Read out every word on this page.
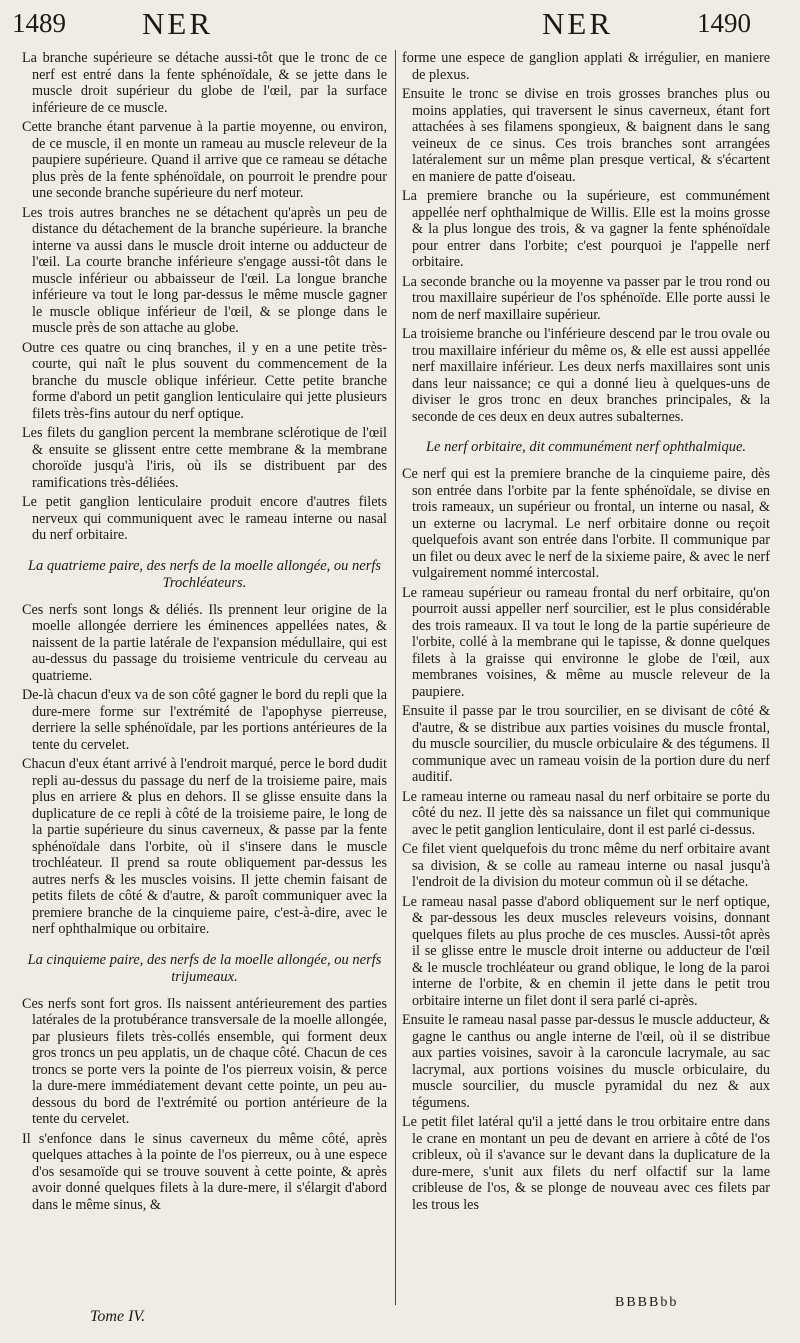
1489 NER	NER	1490

La branche supérieure se détache aussi-tôt que le tronc de ce nerf est entré dans la fente sphénoïdale, & se jette dans le muscle droit supérieur du globe de l'œil, par la surface inférieure de ce muscle.

Cette branche étant parvenue à la partie moyenne, ou environ, de ce muscle, il en monte un rameau au muscle releveur de la paupiere supérieure. Quand il arrive que ce rameau se détache plus près de la fente sphénoïdale, on pourroit le prendre pour une seconde branche supérieure du nerf moteur.

Les trois autres branches ne se détachent qu'après un peu de distance du détachement de la branche supérieure. la branche interne va aussi dans le muscle droit interne ou adducteur de l'œil. La courte branche inférieure s'engage aussi-tôt dans le muscle inférieur ou abbaisseur de l'œil. La longue branche inférieure va tout le long par-dessus le même muscle gagner le muscle oblique inférieur de l'œil, & se plonge dans le muscle près de son attache au globe.

Outre ces quatre ou cinq branches, il y en a une petite très-courte, qui naît le plus souvent du commencement de la branche du muscle oblique inférieur. Cette petite branche forme d'abord un petit ganglion lenticulaire qui jette plusieurs filets très-fins autour du nerf optique.

Les filets du ganglion percent la membrane sclérotique de l'œil & ensuite se glissent entre cette membrane & la membrane choroïde jusqu'à l'iris, où ils se distribuent par des ramifications très-déliées.

Le petit ganglion lenticulaire produit encore d'autres filets nerveux qui communiquent avec le rameau interne ou nasal du nerf orbitaire.

La quatrieme paire, des nerfs de la moelle allongée, ou nerfs Trochléateurs.

Ces nerfs sont longs & déliés. Ils prennent leur origine de la moelle allongée derriere les éminences appellées nates, & naissent de la partie latérale de l'expansion médullaire, qui est au-dessus du passage du troisieme ventricule du cerveau au quatrieme.

De-là chacun d'eux va de son côté gagner le bord du repli que la dure-mere forme sur l'extrémité de l'apophyse pierreuse, derriere la selle sphénoïdale, par les portions antérieures de la tente du cervelet.

Chacun d'eux étant arrivé à l'endroit marqué, perce le bord dudit repli au-dessus du passage du nerf de la troisieme paire, mais plus en arriere & plus en dehors. Il se glisse ensuite dans la duplicature de ce repli à côté de la troisieme paire, le long de la partie supérieure du sinus caverneux, & passe par la fente sphénoïdale dans l'orbite, où il s'insere dans le muscle trochléateur. Il prend sa route obliquement par-dessus les autres nerfs & les muscles voisins. Il jette chemin faisant de petits filets de côté & d'autre, & paroît communiquer avec la premiere branche de la cinquieme paire, c'est-à-dire, avec le nerf ophthalmique ou orbitaire.

La cinquieme paire, des nerfs de la moelle allongée, ou nerfs trijumeaux.

Ces nerfs sont fort gros. Ils naissent antérieurement des parties latérales de la protubérance transversale de la moelle allongée, par plusieurs filets très-collés ensemble, qui forment deux gros troncs un peu applatis, un de chaque côté. Chacun de ces troncs se porte vers la pointe de l'os pierreux voisin, & perce la dure-mere immédiatement devant cette pointe, un peu au-dessous du bord de l'extrémité ou portion antérieure de la tente du cervelet.

Il s'enfonce dans le sinus caverneux du même côté, après quelques attaches à la pointe de l'os pierreux, ou à une espece d'os sesamoïde qui se trouve souvent à cette pointe, & après avoir donné quelques filets à la dure-mere, il s'élargit d'abord dans le même sinus, &

forme une espece de ganglion applati & irrégulier, en maniere de plexus.

Ensuite le tronc se divise en trois grosses branches plus ou moins applaties, qui traversent le sinus caverneux, étant fort attachées à ses filamens spongieux, & baignent dans le sang veineux de ce sinus. Ces trois branches sont arrangées latéralement sur un même plan presque vertical, & s'écartent en maniere de patte d'oiseau.

La premiere branche ou la supérieure, est communément appellée nerf ophthalmique de Willis. Elle est la moins grosse & la plus longue des trois, & va gagner la fente sphénoïdale pour entrer dans l'orbite; c'est pourquoi je l'appelle nerf orbitaire.

La seconde branche ou la moyenne va passer par le trou rond ou trou maxillaire supérieur de l'os sphénoïde. Elle porte aussi le nom de nerf maxillaire supérieur.

La troisieme branche ou l'inférieure descend par le trou ovale ou trou maxillaire inférieur du même os, & elle est aussi appellée nerf maxillaire inférieur. Les deux nerfs maxillaires sont unis dans leur naissance; ce qui a donné lieu à quelques-uns de diviser le gros tronc en deux branches principales, & la seconde de ces deux en deux autres subalternes.

Le nerf orbitaire, dit communément nerf ophthalmique.

Ce nerf qui est la premiere branche de la cinquieme paire, dès son entrée dans l'orbite par la fente sphénoïdale, se divise en trois rameaux, un supérieur ou frontal, un interne ou nasal, & un externe ou lacrymal. Le nerf orbitaire donne ou reçoit quelquefois avant son entrée dans l'orbite. Il communique par un filet ou deux avec le nerf de la sixieme paire, & avec le nerf vulgairement nommé intercostal.

Le rameau supérieur ou rameau frontal du nerf orbitaire, qu'on pourroit aussi appeller nerf sourcilier, est le plus considérable des trois rameaux. Il va tout le long de la partie supérieure de l'orbite, collé à la membrane qui le tapisse, & donne quelques filets à la graisse qui environne le globe de l'œil, aux membranes voisines, & même au muscle releveur de la paupiere.

Ensuite il passe par le trou sourcilier, en se divisant de côté & d'autre, & se distribue aux parties voisines du muscle frontal, du muscle sourcilier, du muscle orbiculaire & des tégumens. Il communique avec un rameau voisin de la portion dure du nerf auditif.

Le rameau interne ou rameau nasal du nerf orbitaire se porte du côté du nez. Il jette dès sa naissance un filet qui communique avec le petit ganglion lenticulaire, dont il est parlé ci-dessus.

Ce filet vient quelquefois du tronc même du nerf orbitaire avant sa division, & se colle au rameau interne ou nasal jusqu'à l'endroit de la division du moteur commun où il se détache.

Le rameau nasal passe d'abord obliquement sur le nerf optique, & par-dessous les deux muscles releveurs voisins, donnant quelques filets au plus proche de ces muscles. Aussi-tôt après il se glisse entre le muscle droit interne ou adducteur de l'œil & le muscle trochléateur ou grand oblique, le long de la paroi interne de l'orbite, & en chemin il jette dans le petit trou orbitaire interne un filet dont il sera parlé ci-après.

Ensuite le rameau nasal passe par-dessus le muscle adducteur, & gagne le canthus ou angle interne de l'œil, où il se distribue aux parties voisines, savoir à la caroncule lacrymale, au sac lacrymal, aux portions voisines du muscle orbiculaire, du muscle sourcilier, du muscle pyramidal du nez & aux tégumens.

Le petit filet latéral qu'il a jetté dans le trou orbitaire entre dans le crane en montant un peu de devant en arriere à côté de l'os cribleux, où il s'avance sur le devant dans la duplicature de la dure-mere, s'unit aux filets du nerf olfactif sur la lame cribleuse de l'os, & se plonge de nouveau avec ces filets par les trous les

Tome IV.
BBBBbb
